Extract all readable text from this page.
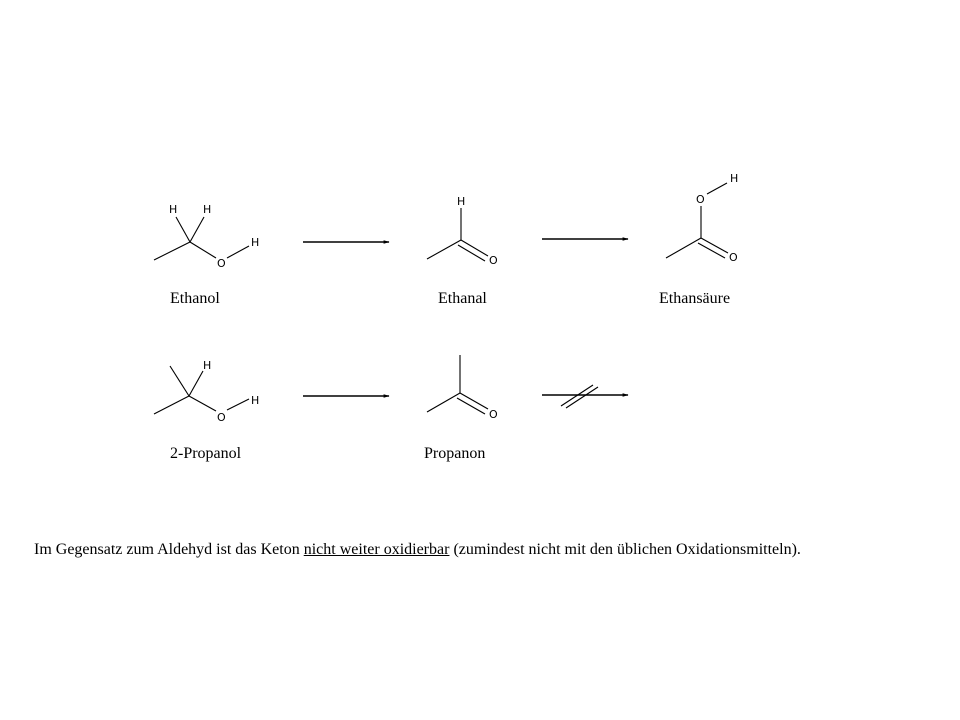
H H
H
O
H
O
H
O
O
H
H
O	O
Ethanol	Ethanal	Ethansäure
2-Propanol	Propanon
Im Gegensatz zum Aldehyd ist das Keton nicht weiter oxidierbar (zumindest nicht mit den üblichen Oxidationsmitteln).
